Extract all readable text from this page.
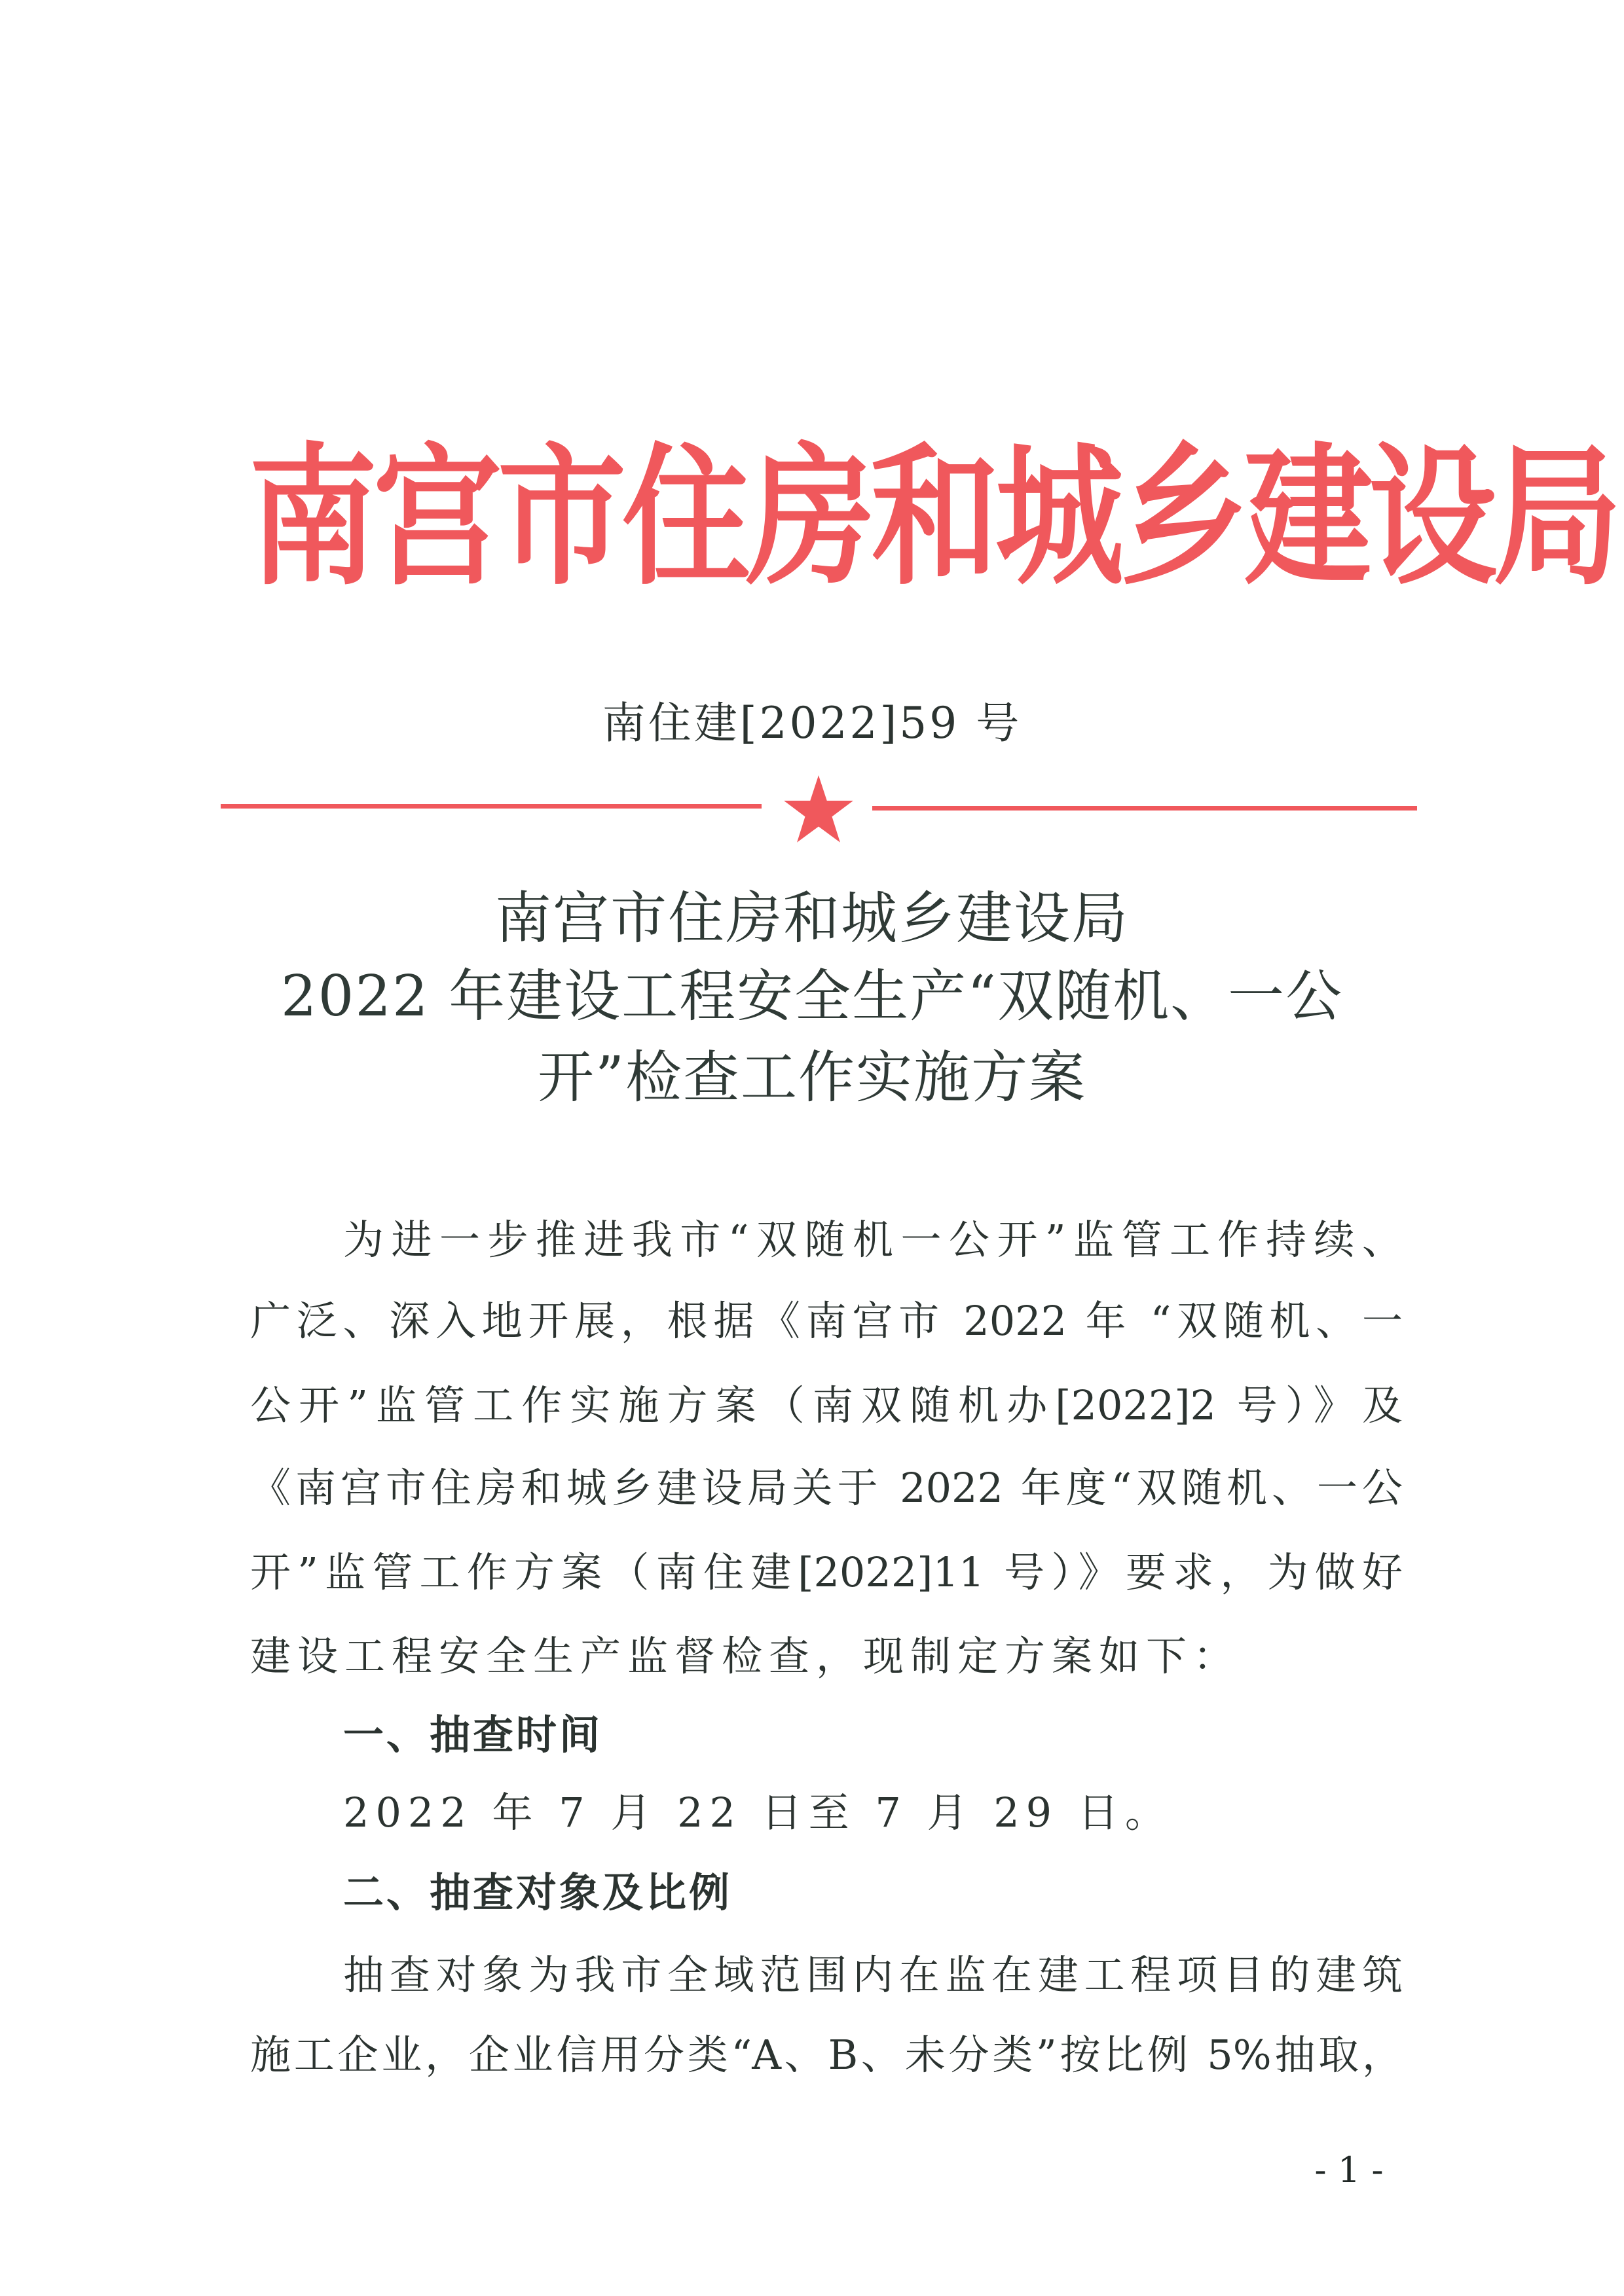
南宫市住房和城乡建设局
南住建[2022]59 号
南宫市住房和城乡建设局
2022 年建设工程安全生产“双随机、一公
开”检查工作实施方案
为进一步推进我市“双随机一公开”监管工作持续、
广泛、深入地开展，根据《南宫市 2022 年 “双随机、一
公开”监管工作实施方案（南双随机办[2022]2 号）》及
《南宫市住房和城乡建设局关于 2022 年度“双随机、一公
开”监管工作方案（南住建[2022]11 号）》要求，为做好
建设工程安全生产监督检查，现制定方案如下：
一、抽查时间
2022 年 7 月 22 日至 7 月 29 日。
二、抽查对象及比例
抽查对象为我市全域范围内在监在建工程项目的建筑
施工企业，企业信用分类“A、B、未分类”按比例 5%抽取，
- 1 -
